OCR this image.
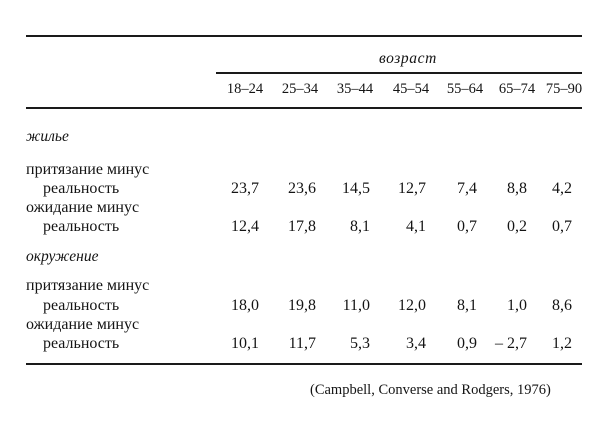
возраст
18–24	25–34	35–44	45–54	55–64	65–74 75–90
жилье
притязание минус
реальность	23,7	23,6	14,5	12,7	7,4	8,8	4,2
ожидание минус
реальность	12,4	17,8	8,1	4,1	0,7	0,2	0,7
окружение
притязание минус
реальность	18,0	19,8	11,0	12,0	8,1	1,0	8,6
ожидание минус
реальность	10,1	11,7	5,3	3,4	0,9	– 2,7	1,2
(Campbell, Converse and Rodgers, 1976)
